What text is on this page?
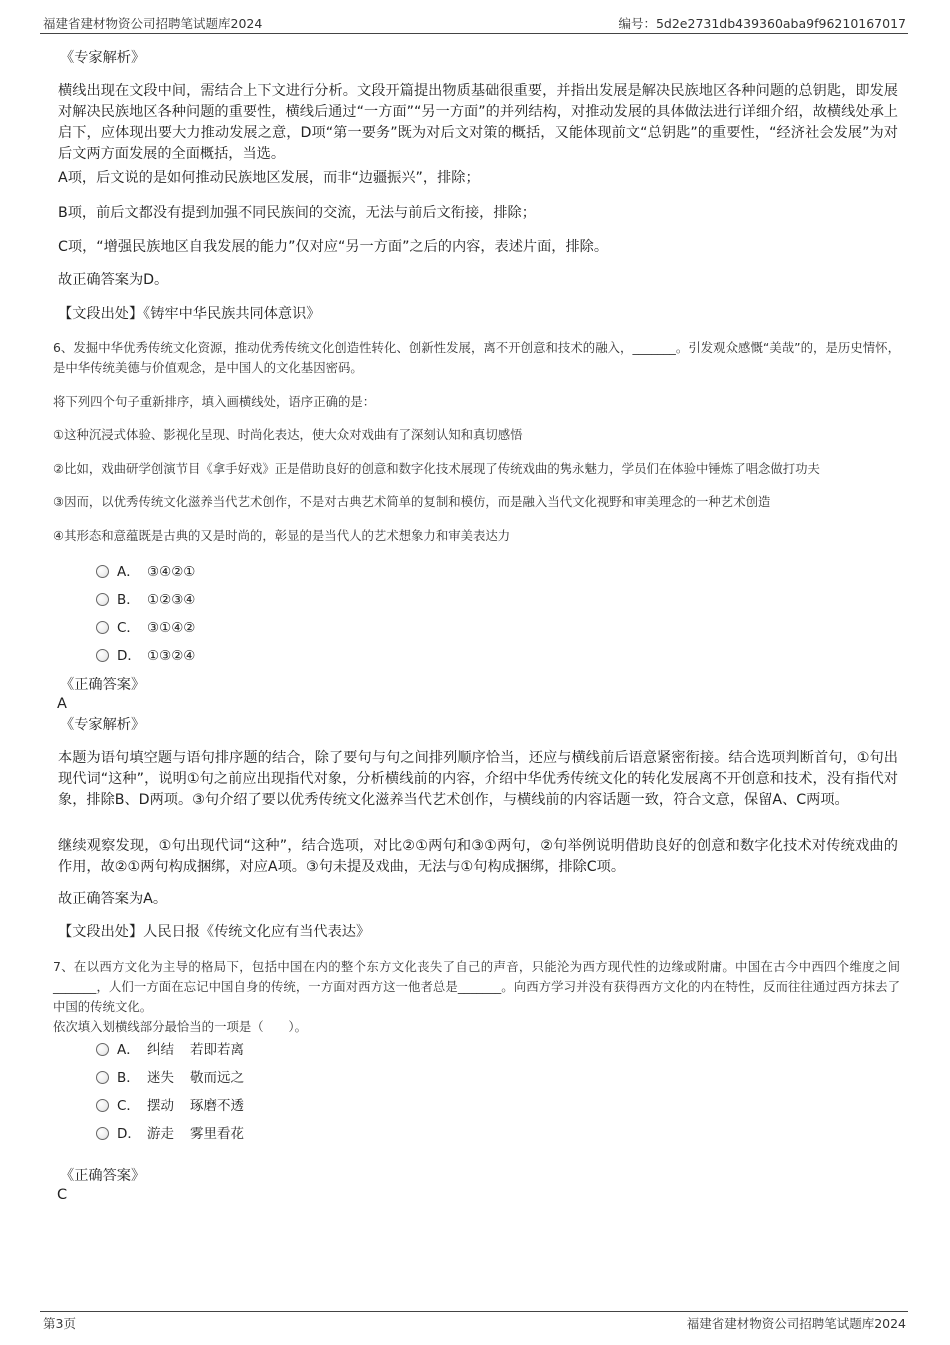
福建省建材物资公司招聘笔试题库2024	编号：5d2e2731db439360aba9f96210167017
《专家解析》
横线出现在文段中间，需结合上下文进行分析。文段开篇提出物质基础很重要，并指出发展是解决民族地区各种问题的总钥匙，即发展对解决民族地区各种问题的重要性，横线后通过“一方面”“另一方面”的并列结构，对推动发展的具体做法进行详细介绍，故横线处承上启下，应体现出要大力推动发展之意，D项“第一要务”既为对后文对策的概括，又能体现前文“总钥匙”的重要性，“经济社会发展”为对后文两方面发展的全面概括，当选。
A项，后文说的是如何推动民族地区发展，而非“边疆振兴”，排除；
B项，前后文都没有提到加强不同民族间的交流，无法与前后文衔接，排除；
C项，“增强民族地区自我发展的能力”仅对应“另一方面”之后的内容，表述片面，排除。
故正确答案为D。
【文段出处】《铸牢中华民族共同体意识》
6、发掘中华优秀传统文化资源，推动优秀传统文化创造性转化、创新性发展，离不开创意和技术的融入，_______。引发观众感慨“美哉”的，是历史情怀，是中华传统美德与价值观念，是中国人的文化基因密码。
将下列四个句子重新排序，填入画横线处，语序正确的是：
①这种沉浸式体验、影视化呈现、时尚化表达，使大众对戏曲有了深刻认知和真切感悟
②比如，戏曲研学创演节目《拿手好戏》正是借助良好的创意和数字化技术展现了传统戏曲的隽永魅力，学员们在体验中锤炼了唱念做打功夫
③因而，以优秀传统文化滋养当代艺术创作，不是对古典艺术简单的复制和模仿，而是融入当代文化视野和审美理念的一种艺术创造
④其形态和意蕴既是古典的又是时尚的，彰显的是当代人的艺术想象力和审美表达力
A． ③④②①
B． ①②③④
C． ③①④②
D． ①③②④
《正确答案》
A
《专家解析》
本题为语句填空题与语句排序题的结合，除了要句与句之间排列顺序恰当，还应与横线前后语意紧密衔接。结合选项判断首句，①句出现代词“这种”，说明①句之前应出现指代对象，分析横线前的内容，介绍中华优秀传统文化的转化发展离不开创意和技术，没有指代对象，排除B、D两项。③句介绍了要以优秀传统文化滋养当代艺术创作，与横线前的内容话题一致，符合文意，保留A、C两项。
继续观察发现，①句出现代词“这种”，结合选项，对比②①两句和③①两句，②句举例说明借助良好的创意和数字化技术对传统戏曲的作用，故②①两句构成捆绑，对应A项。③句未提及戏曲，无法与①句构成捆绑，排除C项。
故正确答案为A。
【文段出处】人民日报《传统文化应有当代表达》
7、在以西方文化为主导的格局下，包括中国在内的整个东方文化丧失了自己的声音，只能沦为西方现代性的边缘或附庸。中国在古今中西四个维度之间_______，人们一方面在忘记中国自身的传统，一方面对西方这一他者总是_______。向西方学习并没有获得西方文化的内在特性，反而往往通过西方抹去了中国的传统文化。
依次填入划横线部分最恰当的一项是（　　）。
A． 纠结 若即若离
B． 迷失 敬而远之
C． 摆动 琢磨不透
D． 游走 雾里看花
《正确答案》
C
第3页	福建省建材物资公司招聘笔试题库2024
